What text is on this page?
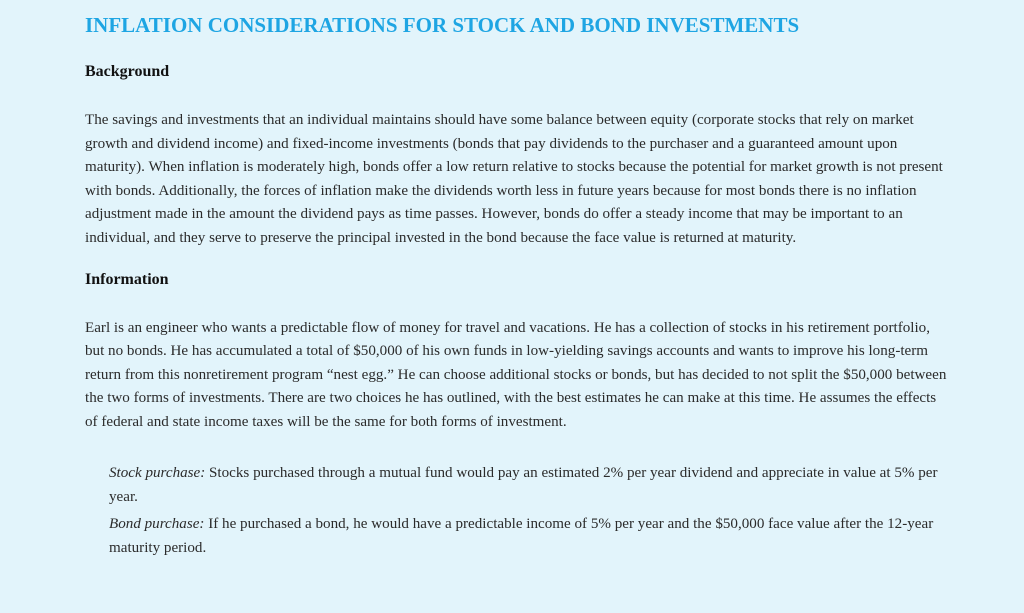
INFLATION CONSIDERATIONS FOR STOCK AND BOND INVESTMENTS
Background

The savings and investments that an individual maintains should have some balance between equity (corporate stocks that rely on market growth and dividend income) and fixed-income investments (bonds that pay dividends to the purchaser and a guaranteed amount upon maturity). When inflation is moderately high, bonds offer a low return relative to stocks because the potential for market growth is not present with bonds. Additionally, the forces of inflation make the dividends worth less in future years because for most bonds there is no inflation adjustment made in the amount the dividend pays as time passes. However, bonds do offer a steady income that may be important to an individual, and they serve to preserve the principal invested in the bond because the face value is returned at maturity.

Information

Earl is an engineer who wants a predictable flow of money for travel and vacations. He has a collection of stocks in his retirement portfolio, but no bonds. He has accumulated a total of $50,000 of his own funds in low-yielding savings accounts and wants to improve his long-term return from this nonretirement program “nest egg.” He can choose additional stocks or bonds, but has decided to not split the $50,000 between the two forms of investments. There are two choices he has outlined, with the best estimates he can make at this time. He assumes the effects of federal and state income taxes will be the same for both forms of investment.

Stock purchase: Stocks purchased through a mutual fund would pay an estimated 2% per year dividend and appreciate in value at 5% per year.
Bond purchase: If he purchased a bond, he would have a predictable income of 5% per year and the $50,000 face value after the 12-year maturity period.
